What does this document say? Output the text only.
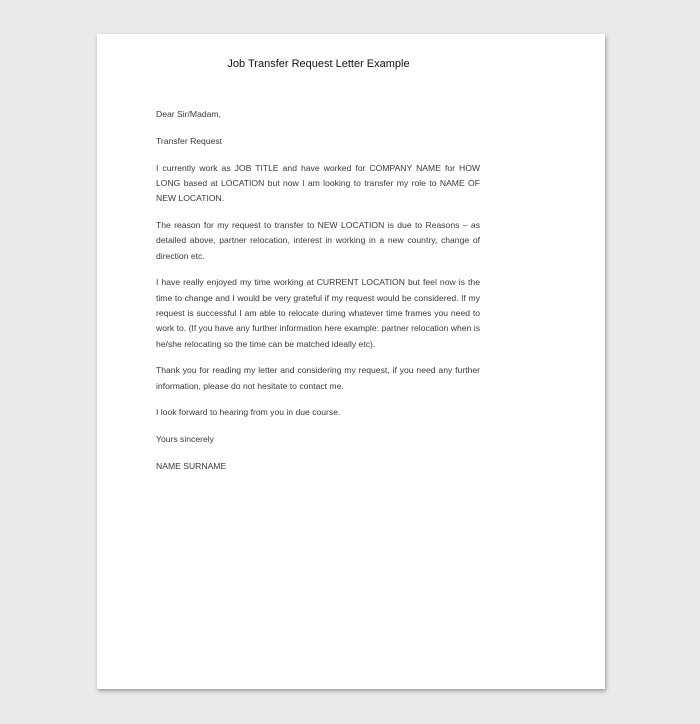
Job Transfer Request Letter Example

Dear Sir/Madam,

Transfer Request

I currently work as JOB TITLE and have worked for COMPANY NAME for HOW LONG based at LOCATION but now I am looking to transfer my role to NAME OF NEW LOCATION.

The reason for my request to transfer to NEW LOCATION is due to Reasons – as detailed above, partner relocation, interest in working in a new country, change of direction etc.

I have really enjoyed my time working at CURRENT LOCATION but feel now is the time to change and I would be very grateful if my request would be considered. If my request is successful I am able to relocate during whatever time frames you need to work to. (If you have any further information here example: partner relocation when is he/she relocating so the time can be matched ideally etc).

Thank you for reading my letter and considering my request, if you need any further information, please do not hesitate to contact me.

I look forward to hearing from you in due course.

Yours sincerely

NAME SURNAME
